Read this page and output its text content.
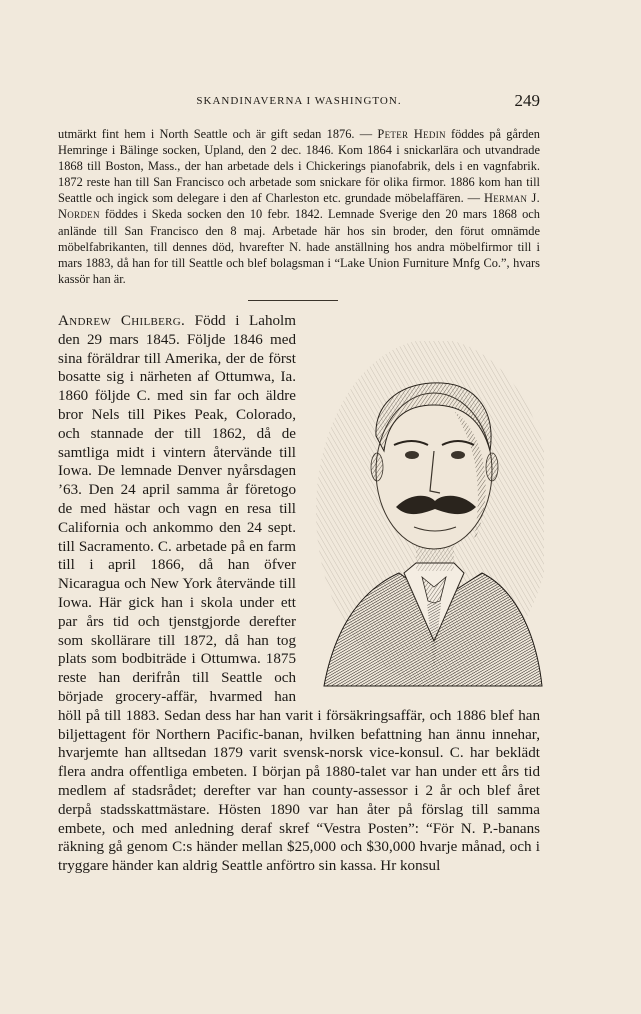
SKANDINAVERNA I WASHINGTON.	249

utmärkt fint hem i North Seattle och är gift sedan 1876. — Peter Hedin föddes på gården Hemringe i Bälinge socken, Upland, den 2 dec. 1846. Kom 1864 i snickarlära och utvandrade 1868 till Boston, Mass., der han arbetade dels i Chickerings pianofabrik, dels i en vagnfabrik. 1872 reste han till San Francisco och arbetade som snickare för olika firmor. 1886 kom han till Seattle och ingick som delegare i den af Charleston etc. grundade möbelaffären. — Herman J. Norden föddes i Skeda socken den 10 febr. 1842. Lemnade Sverige den 20 mars 1868 och anlände till San Francisco den 8 maj. Arbetade här hos sin broder, den förut omnämde möbelfabrikanten, till dennes död, hvarefter N. hade anställning hos andra möbelfirmor till i mars 1883, då han for till Seattle och blef bolagsman i “Lake Union Furniture Mnfg Co.”, hvars kassör han är.

Andrew Chilberg. Född i Laholm den 29 mars 1845. Följde 1846 med sina föräldrar till Amerika, der de först bosatte sig i närheten af Ottumwa, Ia. 1860 följde C. med sin far och äldre bror Nels till Pikes Peak, Colorado, och stannade der till 1862, då de samtliga midt i vintern återvände till Iowa. De lemnade Denver nyårsdagen ’63. Den 24 april samma år företogo de med hästar och vagn en resa till California och ankommo den 24 sept. till Sacramento. C. arbetade på en farm till i april 1866, då han öfver Nicaragua och New York återvände till Iowa. Här gick han i skola under ett par års tid och tjenstgjorde derefter som skollärare till 1872, då han tog plats som bodbiträde i Ottumwa. 1875 reste han derifrån till Seattle och började grocery-affär, hvarmed han höll på till 1883. Sedan dess har han varit i försäkringsaffär, och 1886 blef han biljettagent för Northern Pacific-banan, hvilken befattning han ännu innehar, hvarjemte han alltsedan 1879 varit svensk-norsk vice-konsul. C. har beklädt flera andra offentliga embeten. I början på 1880-talet var han under ett års tid medlem af stadsrådet; derefter var han county-assessor i 2 år och blef året derpå stadsskattmästare. Hösten 1890 var han åter på förslag till samma embete, och med anledning deraf skref “Vestra Posten”: “För N. P.-banans räkning gå genom C:s händer mellan $25,000 och $30,000 hvarje månad, och i tryggare händer kan aldrig Seattle anförtro sin kassa. Hr konsul
